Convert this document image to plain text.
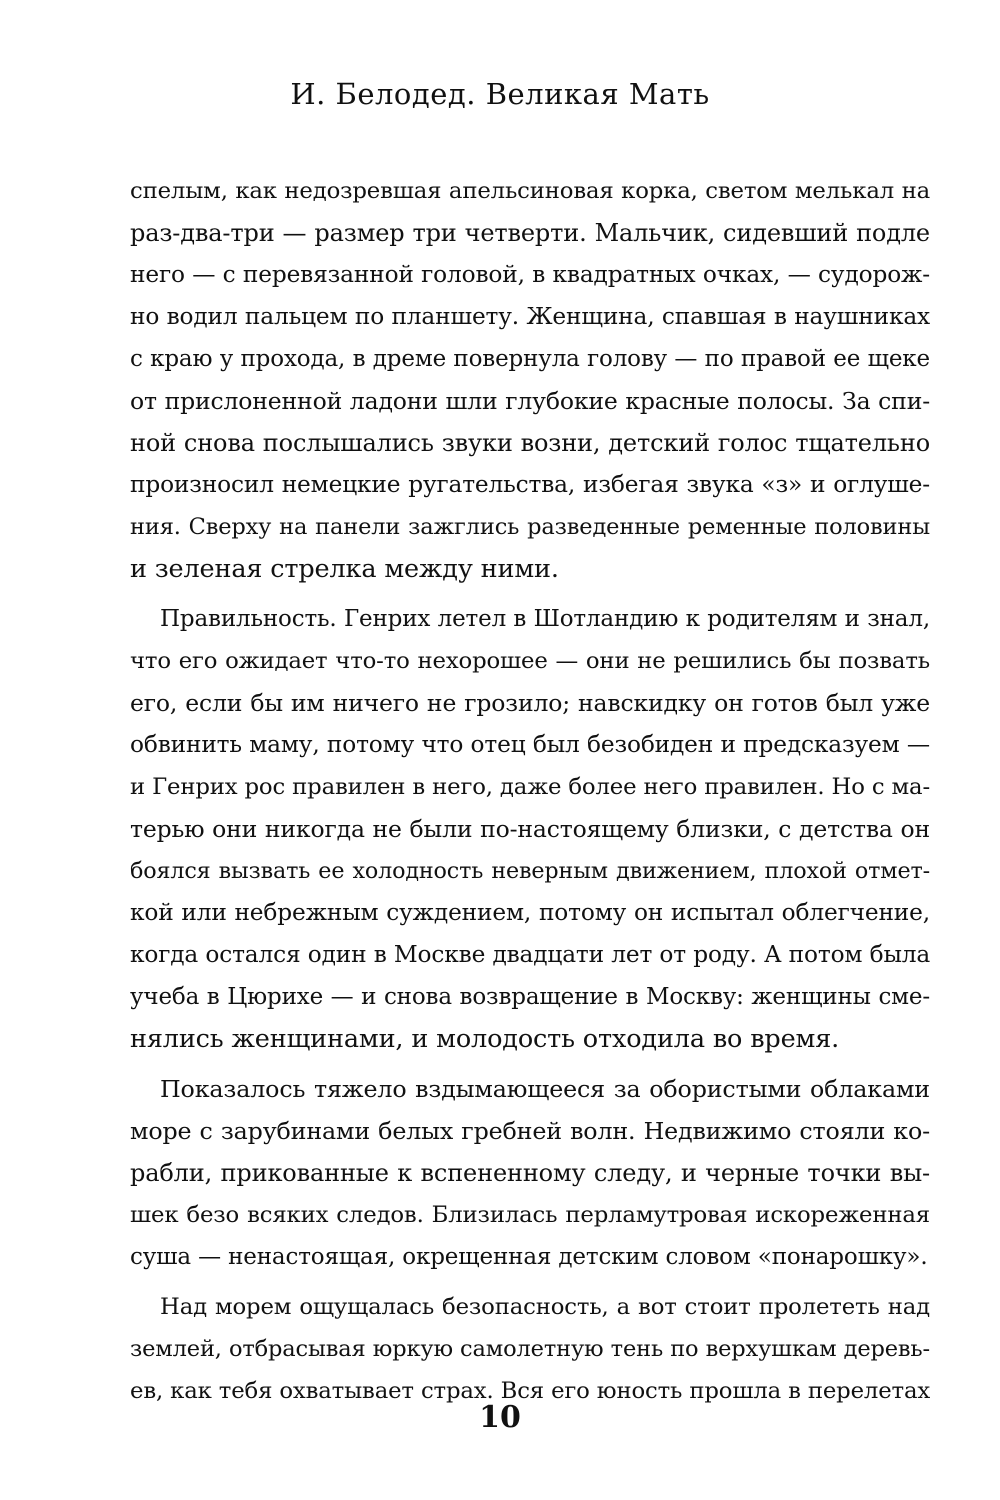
И. Белодед. Великая Мать
спелым, как недозревшая апельсиновая корка, светом мелькал на
раз-два-три — размер три четверти. Мальчик, сидевший подле
него — с перевязанной головой, в квадратных очках, — судорож-
но водил пальцем по планшету. Женщина, спавшая в наушниках
с краю у прохода, в дреме повернула голову — по правой ее щеке
от прислоненной ладони шли глубокие красные полосы. За спи-
ной снова послышались звуки возни, детский голос тщательно
произносил немецкие ругательства, избегая звука «з» и оглуше-
ния. Сверху на панели зажглись разведенные ременные половины
и зеленая стрелка между ними.
Правильность. Генрих летел в Шотландию к родителям и знал,
что его ожидает что-то нехорошее — они не решились бы позвать
его, если бы им ничего не грозило; навскидку он готов был уже
обвинить маму, потому что отец был безобиден и предсказуем —
и Генрих рос правилен в него, даже более него правилен. Но с ма-
терью они никогда не были по-настоящему близки, с детства он
боялся вызвать ее холодность неверным движением, плохой отмет-
кой или небрежным суждением, потому он испытал облегчение,
когда остался один в Москве двадцати лет от роду. А потом была
учеба в Цюрихе — и снова возвращение в Москву: женщины сме-
нялись женщинами, и молодость отходила во время.
Показалось тяжело вздымающееся за обористыми облаками
море с зарубинами белых гребней волн. Недвижимо стояли ко-
рабли, прикованные к вспененному следу, и черные точки вы-
шек безо всяких следов. Близилась перламутровая искореженная
суша — ненастоящая, окрещенная детским словом «понарошку».
Над морем ощущалась безопасность, а вот стоит пролететь над
землей, отбрасывая юркую самолетную тень по верхушкам деревь-
ев, как тебя охватывает страх. Вся его юность прошла в перелетах
10
